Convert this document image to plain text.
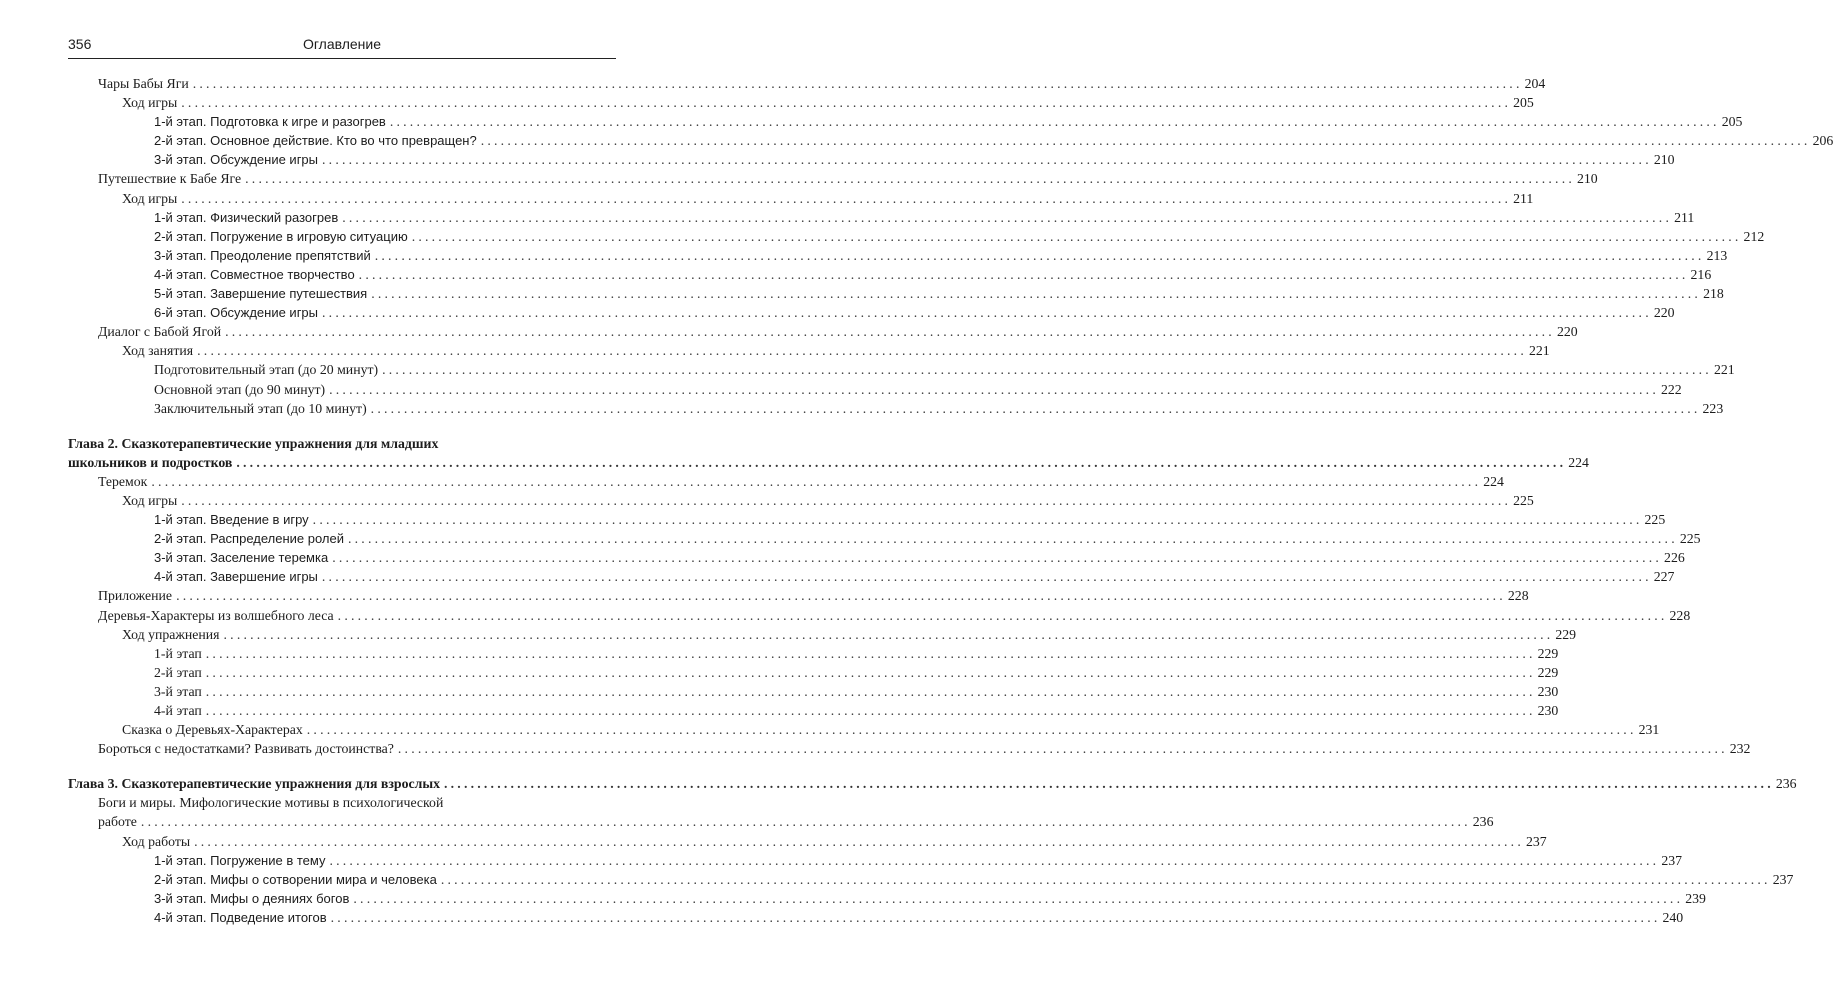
356	Оглавление
Чары Бабы Яги ........................................................................................................................................................................................................ 204
Ход игры ........................................................................................................................................................................................................ 205
1-й этап. Подготовка к игре и разогрев ........................................................................................................................................................................................................ 205
2-й этап. Основное действие. Кто во что превращен? ........................................................................................................................................................................................................ 206
3-й этап. Обсуждение игры ........................................................................................................................................................................................................ 210
Путешествие к Бабе Яге ........................................................................................................................................................................................................ 210
Ход игры ........................................................................................................................................................................................................ 211
1-й этап. Физический разогрев ........................................................................................................................................................................................................ 211
2-й этап. Погружение в игровую ситуацию ........................................................................................................................................................................................................ 212
3-й этап. Преодоление препятствий ........................................................................................................................................................................................................ 213
4-й этап. Совместное творчество ........................................................................................................................................................................................................ 216
5-й этап. Завершение путешествия ........................................................................................................................................................................................................ 218
6-й этап. Обсуждение игры ........................................................................................................................................................................................................ 220
Диалог с Бабой Ягой ........................................................................................................................................................................................................ 220
Ход занятия ........................................................................................................................................................................................................ 221
Подготовительный этап (до 20 минут) ........................................................................................................................................................................................................ 221
Основной этап (до 90 минут) ........................................................................................................................................................................................................ 222
Заключительный этап (до 10 минут) ........................................................................................................................................................................................................ 223
Глава 2. Сказкотерапевтические упражнения для младших
школьников и подростков ........................................................................................................................................................................................................ 224
Теремок ........................................................................................................................................................................................................ 224
Ход игры ........................................................................................................................................................................................................ 225
1-й этап. Введение в игру ........................................................................................................................................................................................................ 225
2-й этап. Распределение ролей ........................................................................................................................................................................................................ 225
3-й этап. Заселение теремка ........................................................................................................................................................................................................ 226
4-й этап. Завершение игры ........................................................................................................................................................................................................ 227
Приложение ........................................................................................................................................................................................................ 228
Деревья-Характеры из волшебного леса ........................................................................................................................................................................................................ 228
Ход упражнения ........................................................................................................................................................................................................ 229
1-й этап ........................................................................................................................................................................................................ 229
2-й этап ........................................................................................................................................................................................................ 229
3-й этап ........................................................................................................................................................................................................ 230
4-й этап ........................................................................................................................................................................................................ 230
Сказка о Деревьях-Характерах ........................................................................................................................................................................................................ 231
Бороться с недостатками? Развивать достоинства? ........................................................................................................................................................................................................ 232
Глава 3. Сказкотерапевтические упражнения для взрослых ........................................................................................................................................................................................................ 236
Боги и миры. Мифологические мотивы в психологической
работе ........................................................................................................................................................................................................ 236
Ход работы ........................................................................................................................................................................................................ 237
1-й этап. Погружение в тему ........................................................................................................................................................................................................ 237
2-й этап. Мифы о сотворении мира и человека ........................................................................................................................................................................................................ 237
3-й этап. Мифы о деяниях богов ........................................................................................................................................................................................................ 239
4-й этап. Подведение итогов ........................................................................................................................................................................................................ 240
